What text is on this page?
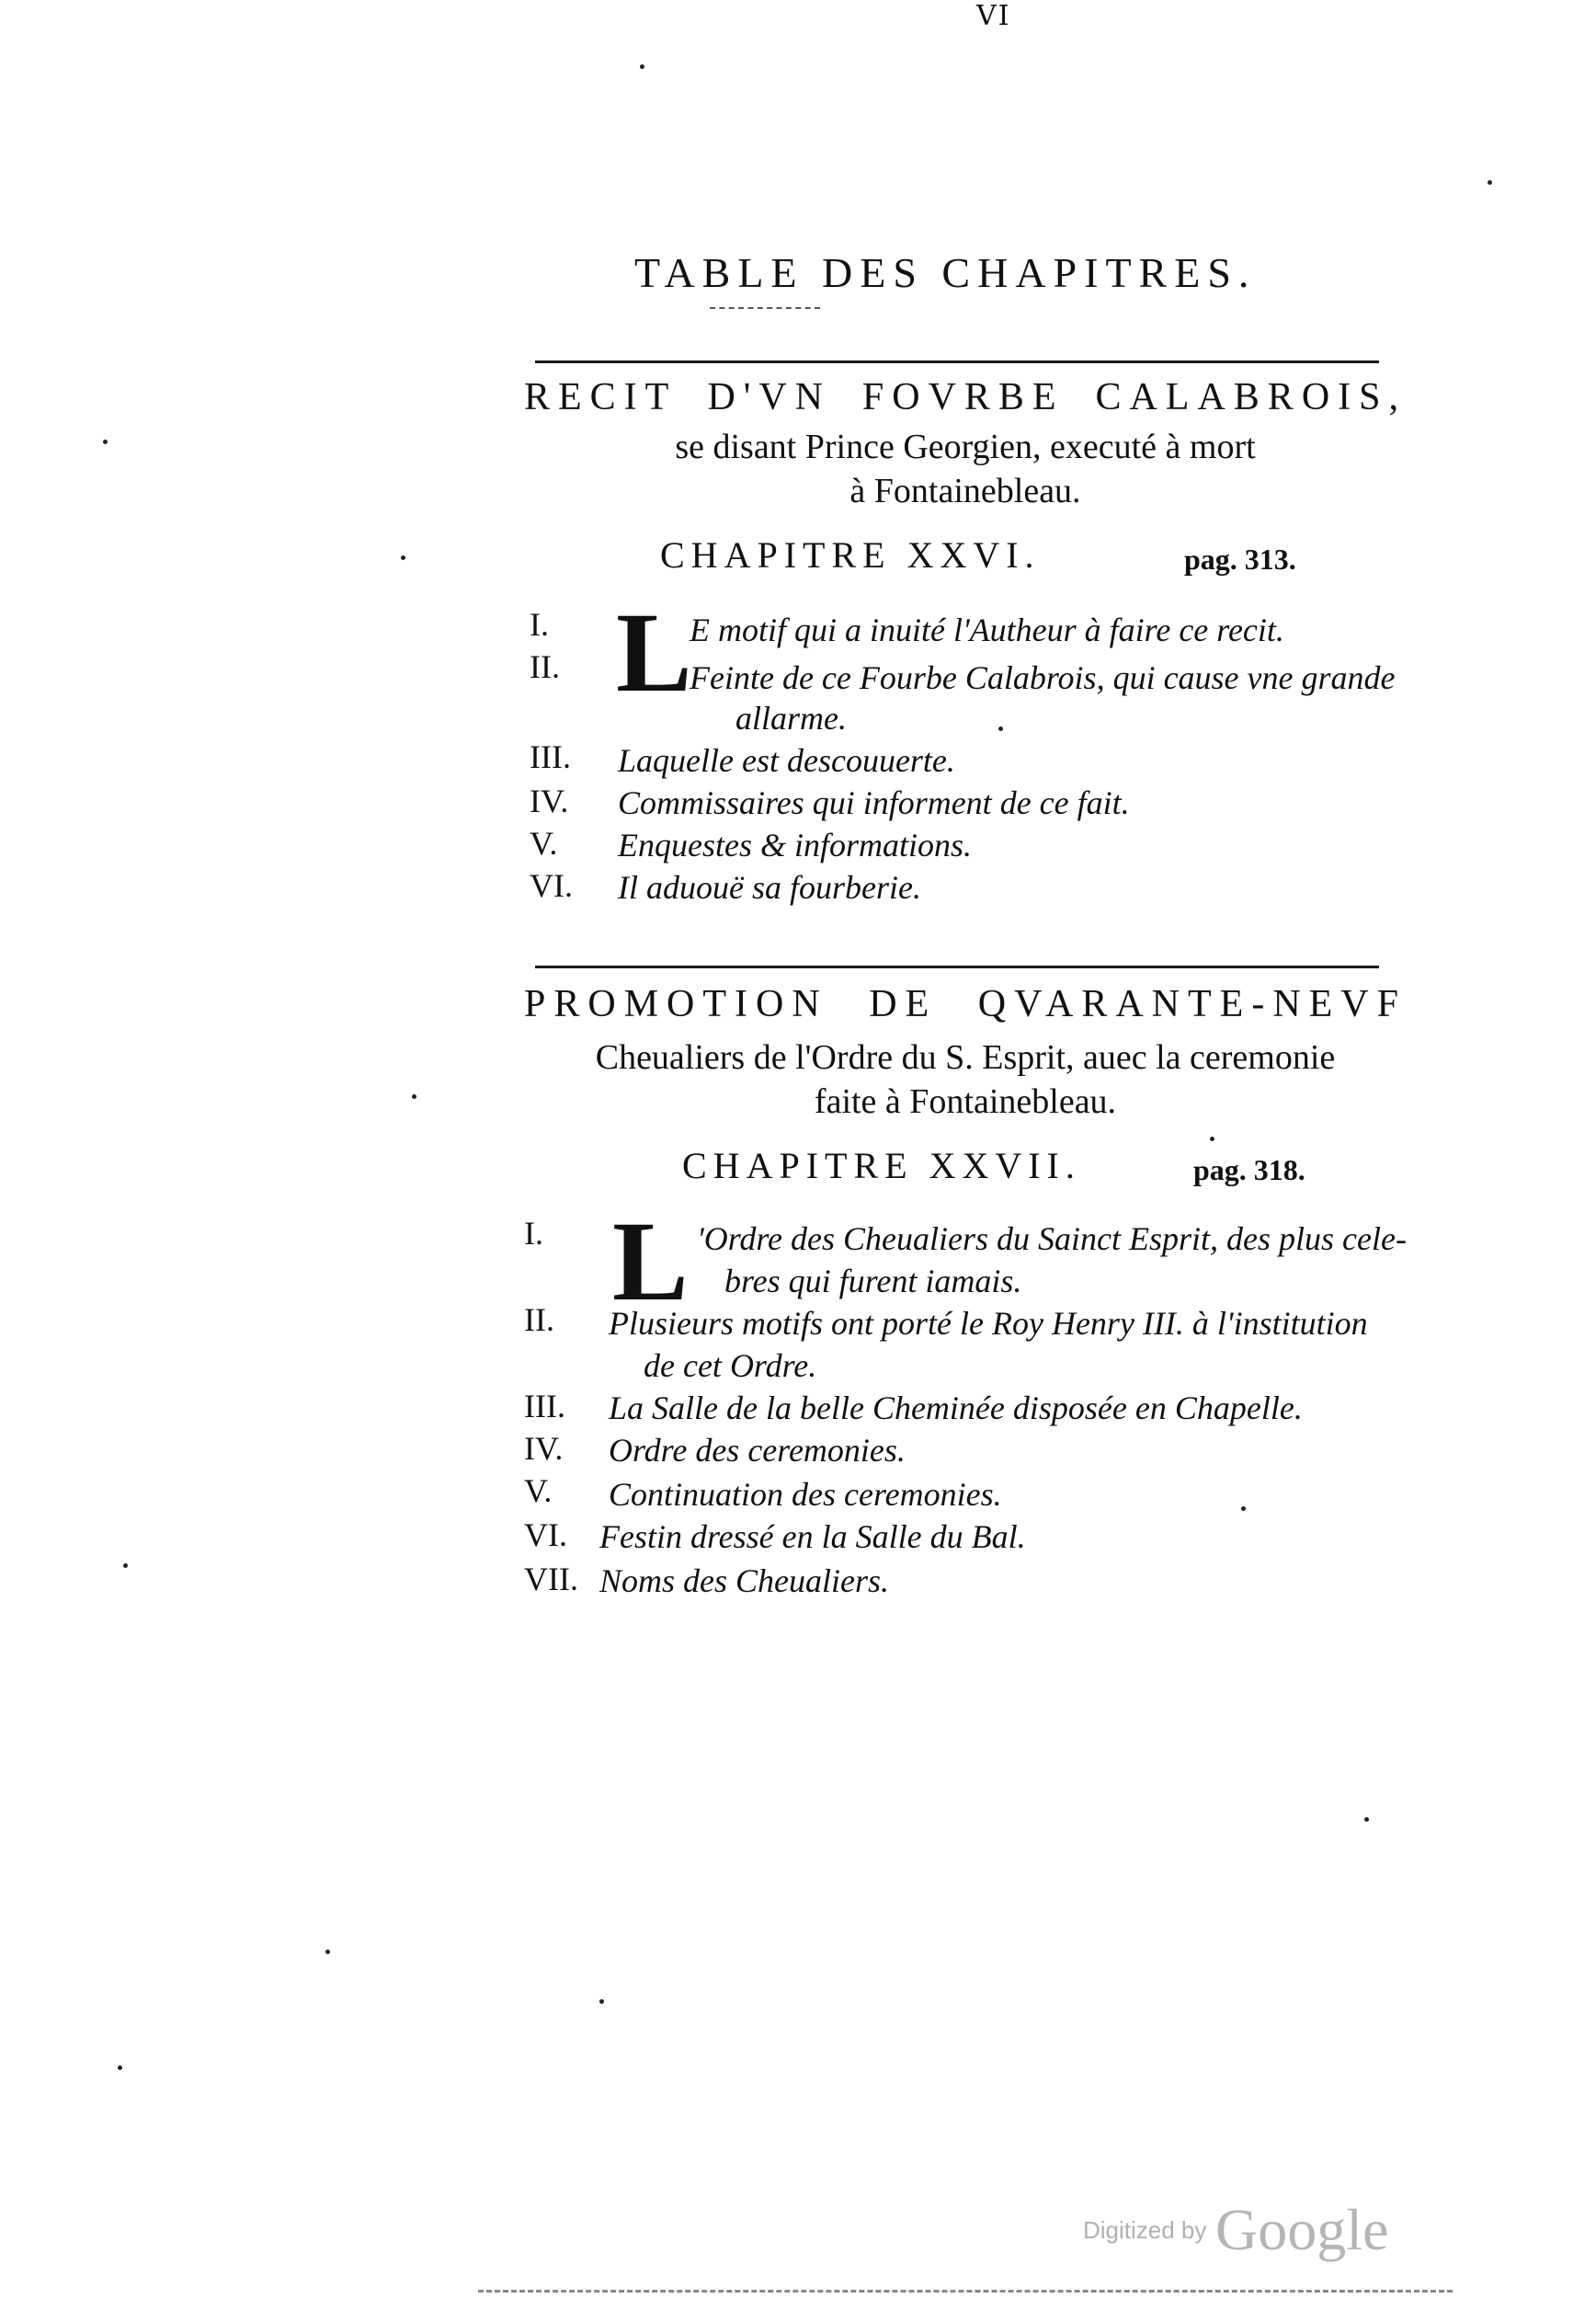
VI
TABLE DES CHAPITRES.
RECIT D'VN FOVRBE CALABROIS,
se disant Prince Georgien, executé à mort
à Fontainebleau.
CHAPITRE XXVI.	pag. 313.
L
I.	E motif qui a inuité l'Autheur à faire ce recit.
II.	Feinte de ce Fourbe Calabrois, qui cause vne grande
allarme.
III. Laquelle est descouuerte.
IV. Commissaires qui informent de ce fait.
V. Enquestes & informations.
VI. Il aduouë sa fourberie.
PROMOTION DE QVARANTE-NEVF
Cheualiers de l'Ordre du S. Esprit, auec la ceremonie
faite à Fontainebleau.
CHAPITRE XXVII.	pag. 318.
L
I.	'Ordre des Cheualiers du Sainct Esprit, des plus cele-
bres qui furent iamais.
II. Plusieurs motifs ont porté le Roy Henry III. à l'institution
de cet Ordre.
III. La Salle de la belle Cheminée disposée en Chapelle.
IV. Ordre des ceremonies.
V. Continuation des ceremonies.
VI. Festin dressé en la Salle du Bal.
VII. Noms des Cheualiers.
Digitized by Google
